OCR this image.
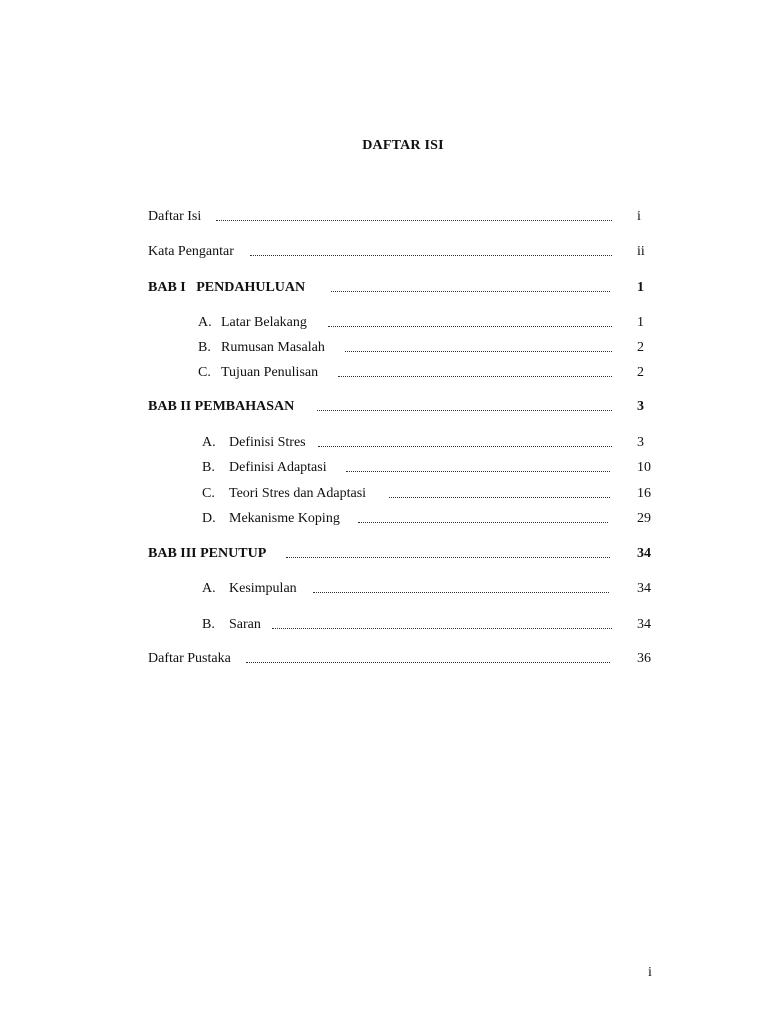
DAFTAR ISI
Daftar Isi	i
Kata Pengantar	ii
BAB I   PENDAHULUAN	1
A. Latar Belakang	1
B. Rumusan Masalah	2
C. Tujuan Penulisan	2
BAB II PEMBAHASAN	3
A. Definisi Stres	3
B. Definisi Adaptasi	10
C. Teori Stres dan Adaptasi	16
D. Mekanisme Koping	29
BAB III PENUTUP	34
A. Kesimpulan	34
B. Saran	34
Daftar Pustaka	36
i
